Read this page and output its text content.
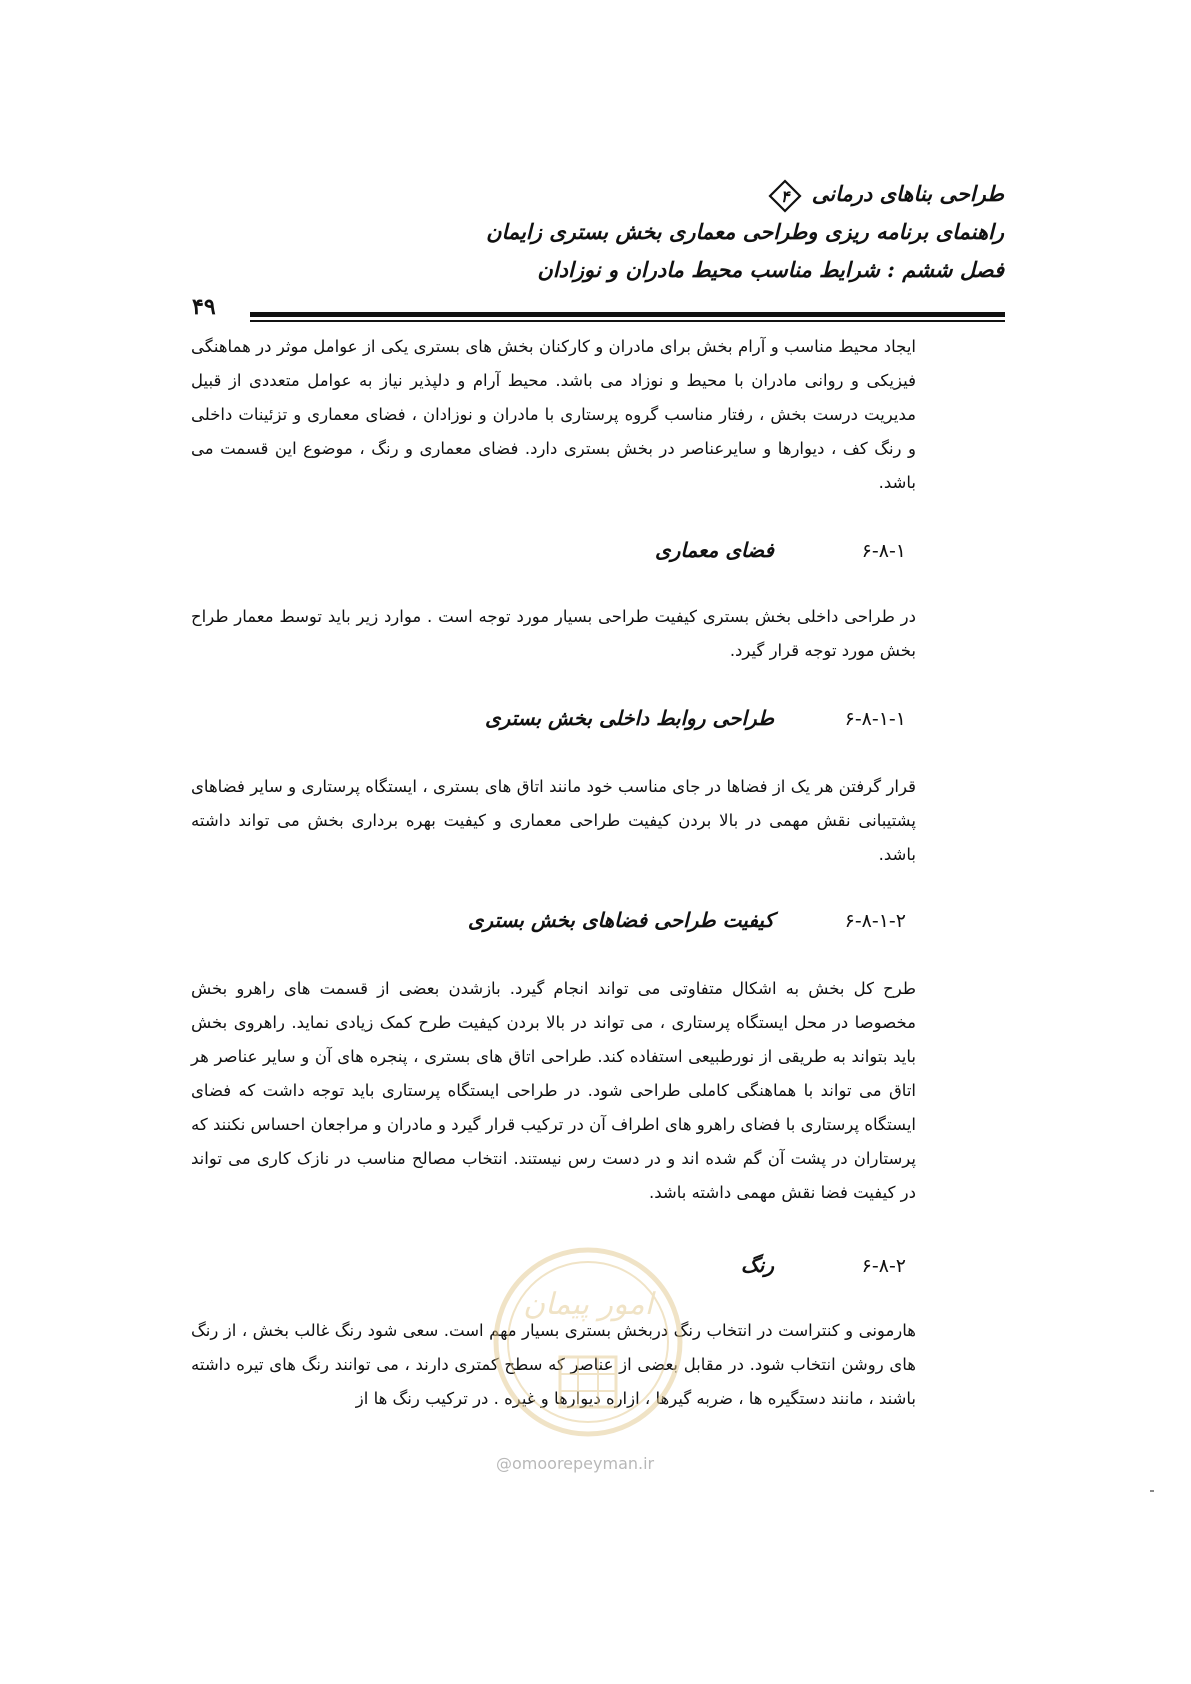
طراحی بناهای درمانی
۴
راهنمای برنامه ریزی وطراحی معماری بخش بستری زایمان
فصل ششم : شرایط مناسب محیط مادران و نوزادان
۴۹
ایجاد محیط مناسب و آرام بخش برای مادران و کارکنان بخش های بستری یکی از عوامل موثر در هماهنگی فیزیکی و روانی مادران با محیط و نوزاد می باشد. محیط آرام و دلپذیر نیاز به عوامل متعددی از قبیل مدیریت درست بخش ، رفتار مناسب گروه پرستاری با مادران و نوزادان ، فضای معماری و تزئینات داخلی و رنگ کف ، دیوارها و سایرعناصر در بخش بستری دارد. فضای معماری و رنگ ، موضوع این قسمت می باشد.
۶-۸-۱فضای معماری
در طراحی داخلی بخش بستری کیفیت طراحی بسیار مورد توجه است . موارد زیر باید توسط معمار طراح بخش مورد توجه قرار گیرد.
۶-۸-۱-۱طراحی روابط داخلی بخش بستری
قرار گرفتن هر یک از فضاها در جای مناسب خود مانند اتاق های بستری ، ایستگاه پرستاری و سایر فضاهای پشتیبانی نقش مهمی در بالا بردن کیفیت طراحی معماری و کیفیت بهره برداری بخش می تواند داشته باشد.
۶-۸-۱-۲کیفیت طراحی فضاهای بخش بستری
طرح کل بخش به اشکال متفاوتی می تواند انجام گیرد. بازشدن بعضی از قسمت های راهرو بخش مخصوصا در محل ایستگاه پرستاری ، می تواند در بالا بردن کیفیت طرح کمک زیادی نماید. راهروی بخش باید بتواند به طریقی از نورطبیعی استفاده کند. طراحی اتاق های بستری ، پنجره های آن و سایر عناصر هر اتاق می تواند با هماهنگی کاملی طراحی شود. در طراحی ایستگاه پرستاری باید توجه داشت که فضای ایستگاه پرستاری با فضای راهرو های اطراف آن در ترکیب قرار گیرد و مادران و مراجعان احساس نکنند که پرستاران در پشت آن گم شده اند و در دست رس نیستند. انتخاب مصالح مناسب در نازک کاری می تواند در کیفیت فضا نقش مهمی داشته باشد.
۶-۸-۲رنگ
هارمونی و کنتراست در انتخاب رنگ دربخش بستری بسیار مهم است. سعی شود رنگ غالب بخش ، از رنگ های روشن انتخاب شود. در مقابل بعضی از عناصر که سطح کمتری دارند ، می توانند رنگ های تیره داشته باشند ، مانند دستگیره ها ، ضربه گیرها ، ازاره دیوارها و غیره . در ترکیب رنگ ها از
امور پیمان
@omoorepeyman.ir
